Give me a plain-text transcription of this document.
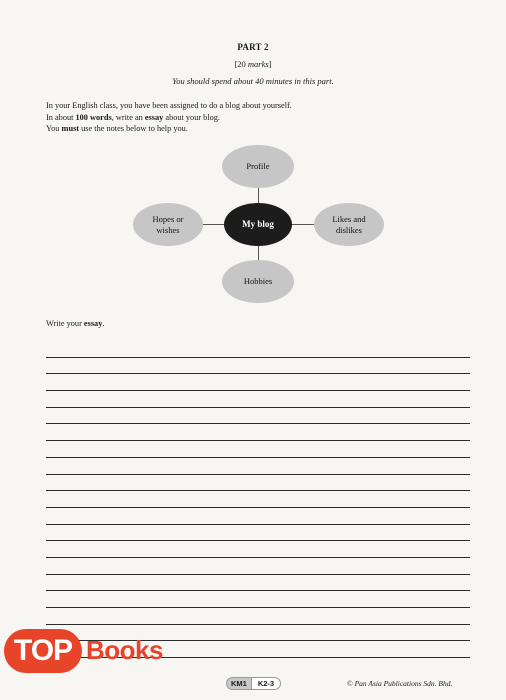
PART 2
[20 marks]
You should spend about 40 minutes in this part.
In your English class, you have been assigned to do a blog about yourself.
In about 100 words, write an essay about your blog.
You must use the notes below to help you.
Profile
Hopes or
wishes
My blog
Likes and
dislikes
Hobbies
Write your essay.
TOP Books
KM1	K2-3	© Pan Asia Publications Sdn. Bhd.
